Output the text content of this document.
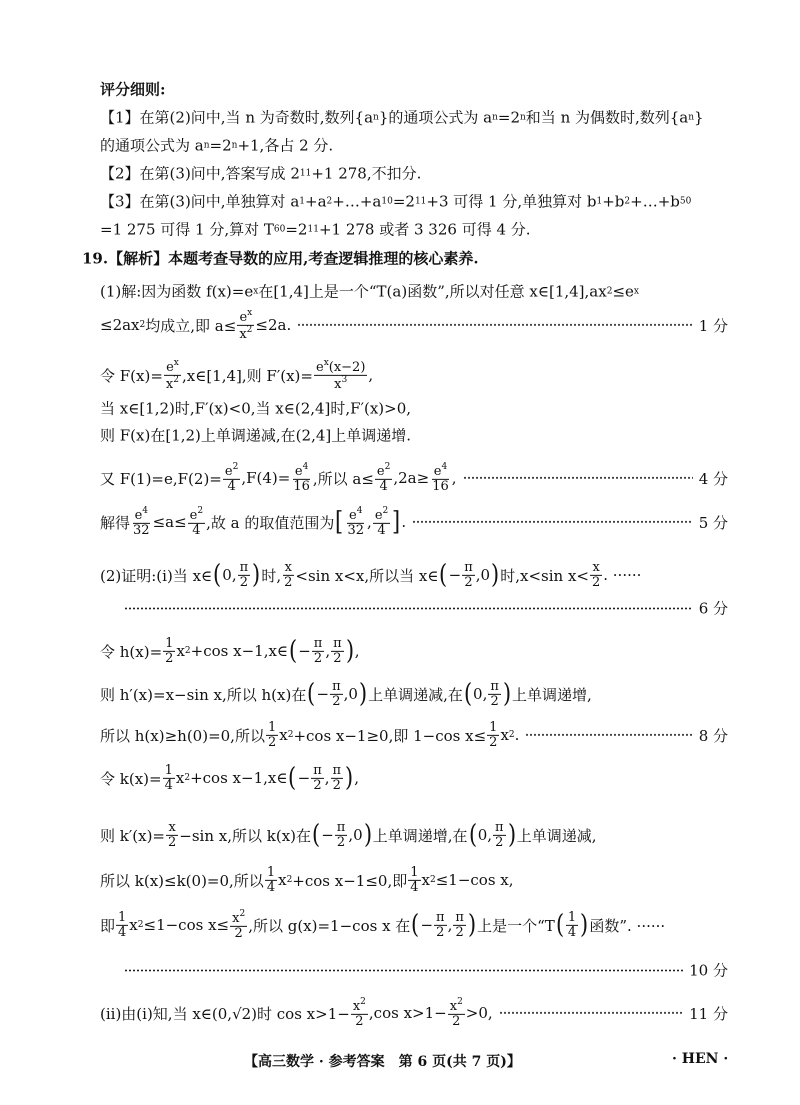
评分细则:
【1】在第(2)问中,当 n 为奇数时,数列{a n }的通项公式为 a n =2 n 和当 n 为偶数时,数列{a n }
的通项公式为 a n =2 n +1,各占 2 分.
【2】在第(3)问中,答案写成 2 11 +1 278,不扣分.
【3】在第(3)问中,单独算对 a 1 +a 2 +…+a 10 =2 11 +3 可得 1 分,单独算对 b 1 +b 2 +…+b 50
=1 275 可得 1 分,算对 T 60 =2 11 +1 278 或者 3 326 可得 4 分.
19.【解析】本题考查导数的应用,考查逻辑推理的核心素养.
(1)解:因为函数 f(x)=e x 在[1,4]上是一个“T(a)函数”,所以对任意 x∈[1,4],ax 2 ≤e x
≤2ax 2 均成立,即 $a\le \frac{e^x}{x^2} \le 2a$.	1 分
令 $F(x)= \frac{e^x}{x^2}$ ,x∈[1,4],则 $F'(x)= \frac{e^x(x-2)}{x^3}$ ,
当 x∈[1,2)时,F′(x)<0,当 x∈(2,4]时,F′(x)>0,
则 F(x)在[1,2)上单调递减,在(2,4]上单调递增.
又 $F(1)=e,F(2)= \frac{e^2}{4} ,F(4)= \frac{e^4}{16}$ ,所以 $a\le \frac{e^2}{4} ,2a\ge \frac{e^4}{16}$ ,	4 分
解得 $\frac{e^4}{32} \le a\le \frac{e^2}{4}$ ,故 a 的取值范围为 [ $\frac{e^4}{32}$ , $\frac{e^2}{4}$ ] .	5 分
(2)证明:(i)当 x∈ ( 0, $\frac{\pi}{2}$ ) 时, $\frac{x}{2} <\sin$ x<x,所以当 x∈ ( − $\frac{\pi}{2} ,0$ ) 时,x<sin $x< \frac{x}{2}$ . ······
6 分
令 $h(x)= \frac{1}{2}$ x 2 +cos x−1,x∈ ( − $\frac{\pi}{2}$ , $\frac{\pi}{2}$ ) ,
则 h′(x)=x−sin x,所以 h(x)在 ( − $\frac{\pi}{2} ,0$ ) 上单调递减,在 ( 0, $\frac{\pi}{2}$ ) 上单调递增,
所以 h(x)≥h(0)=0,所以 $\frac{1}{2}$ x 2 +cos x−1≥0,即 1−cos $x\le \frac{1}{2}$ x 2 .	8 分
令 $k(x)= \frac{1}{4}$ x 2 +cos x−1,x∈ ( − $\frac{\pi}{2}$ , $\frac{\pi}{2}$ ) ,
则 $k'(x)= \frac{x}{2} -\sin$ x,所以 k(x)在 ( − $\frac{\pi}{2} ,0$ ) 上单调递增,在 ( 0, $\frac{\pi}{2}$ ) 上单调递减,
所以 k(x)≤k(0)=0,所以 $\frac{1}{4}$ x 2 +cos x−1≤0,即 $\frac{1}{4}$ x 2 ≤1−cos x,
即 $\frac{1}{4}$ x 2 ≤1−cos $x\le \frac{x^2}{2}$ ,所以 g(x)=1−cos x 在 ( − $\frac{\pi}{2}$ , $\frac{\pi}{2}$ ) 上是一个“T ( $\frac{1}{4}$ ) 函数”. ······
10 分
(ii)由(i)知,当 x∈(0,√2)时 $\cos x>1- \frac{x^2}{2} ,\cos$ $x>1- \frac{x^2}{2} >0$,	11 分
【高三数学 · 参考答案　第 6 页(共 7 页)】	· HEN ·
